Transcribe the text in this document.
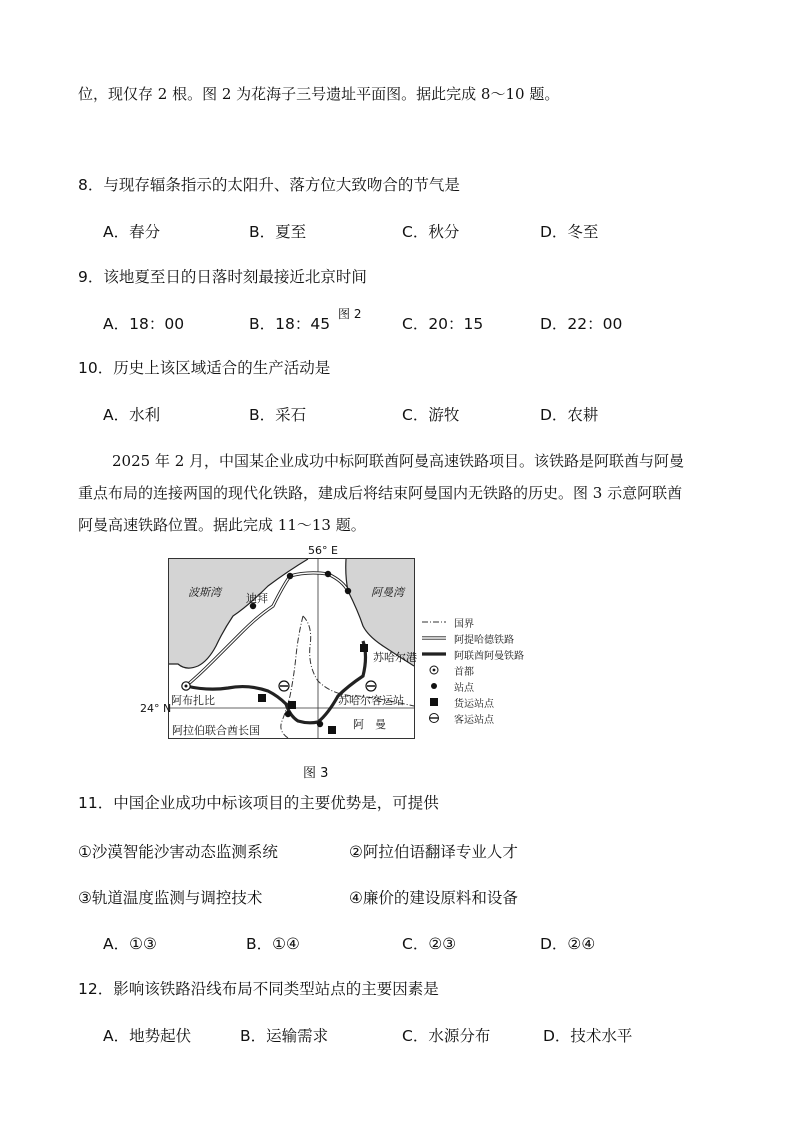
位，现仅存 2 根。图 2 为花海子三号遗址平面图。据此完成 8～10 题。
8．与现存辐条指示的太阳升、落方位大致吻合的节气是
A．春分	B．夏至	C．秋分	D．冬至
9．该地夏至日的日落时刻最接近北京时间
A．18：00	B．18：45
图 2
C．20：15	D．22：00
10．历史上该区域适合的生产活动是
A．水利	B．采石	C．游牧	D．农耕
2025 年 2 月，中国某企业成功中标阿联酋阿曼高速铁路项目。该铁路是阿联酋与阿曼
重点布局的连接两国的现代化铁路，建成后将结束阿曼国内无铁路的历史。图 3 示意阿联酋
阿曼高速铁路位置。据此完成 11～13 题。
56° E
24° N
波斯湾	阿曼湾
迪拜
苏哈尔港
阿布扎比	苏哈尔客运站
阿拉伯联合酋长国	阿　曼
国界
阿提哈德铁路
阿联酋阿曼铁路
首都
站点
货运站点
客运站点
图 3
11．中国企业成功中标该项目的主要优势是，可提供
①沙漠智能沙害动态监测系统	②阿拉伯语翻译专业人才
③轨道温度监测与调控技术	④廉价的建设原料和设备
A．①③	B．①④	C．②③	D．②④
12．影响该铁路沿线布局不同类型站点的主要因素是
A．地势起伏	B．运输需求	C．水源分布	D．技术水平
